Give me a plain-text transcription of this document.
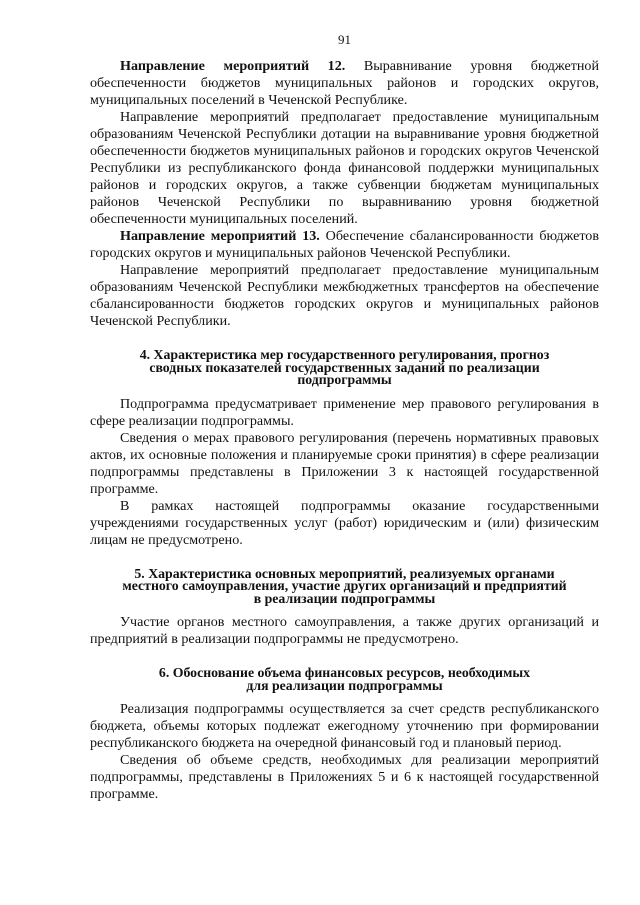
91

Направление мероприятий 12. Выравнивание уровня бюджетной обеспеченности бюджетов муниципальных районов и городских округов, муниципальных поселений в Чеченской Республике.

Направление мероприятий предполагает предоставление муниципальным образованиям Чеченской Республики дотации на выравнивание уровня бюджетной обеспеченности бюджетов муниципальных районов и городских округов Чеченской Республики из республиканского фонда финансовой поддержки муниципальных районов и городских округов, а также субвенции бюджетам муниципальных районов Чеченской Республики по выравниванию уровня бюджетной обеспеченности муниципальных поселений.

Направление мероприятий 13. Обеспечение сбалансированности бюджетов городских округов и муниципальных районов Чеченской Республики.

Направление мероприятий предполагает предоставление муниципальным образованиям Чеченской Республики межбюджетных трансфертов на обеспечение сбалансированности бюджетов городских округов и муниципальных районов Чеченской Республики.

4. Характеристика мер государственного регулирования, прогноз
сводных показателей государственных заданий по реализации
подпрограммы

Подпрограмма предусматривает применение мер правового регулирования в сфере реализации подпрограммы.

Сведения о мерах правового регулирования (перечень нормативных правовых актов, их основные положения и планируемые сроки принятия) в сфере реализации подпрограммы представлены в Приложении 3 к настоящей государственной программе.

В рамках настоящей подпрограммы оказание государственными учреждениями государственных услуг (работ) юридическим и (или) физическим лицам не предусмотрено.

5. Характеристика основных мероприятий, реализуемых органами
местного самоуправления, участие других организаций и предприятий
в реализации подпрограммы

Участие органов местного самоуправления, а также других организаций и предприятий в реализации подпрограммы не предусмотрено.

6. Обоснование объема финансовых ресурсов, необходимых
для реализации подпрограммы

Реализация подпрограммы осуществляется за счет средств республиканского бюджета, объемы которых подлежат ежегодному уточнению при формировании республиканского бюджета на очередной финансовый год и плановый период.

Сведения об объеме средств, необходимых для реализации мероприятий подпрограммы, представлены в Приложениях 5 и 6 к настоящей государственной программе.
